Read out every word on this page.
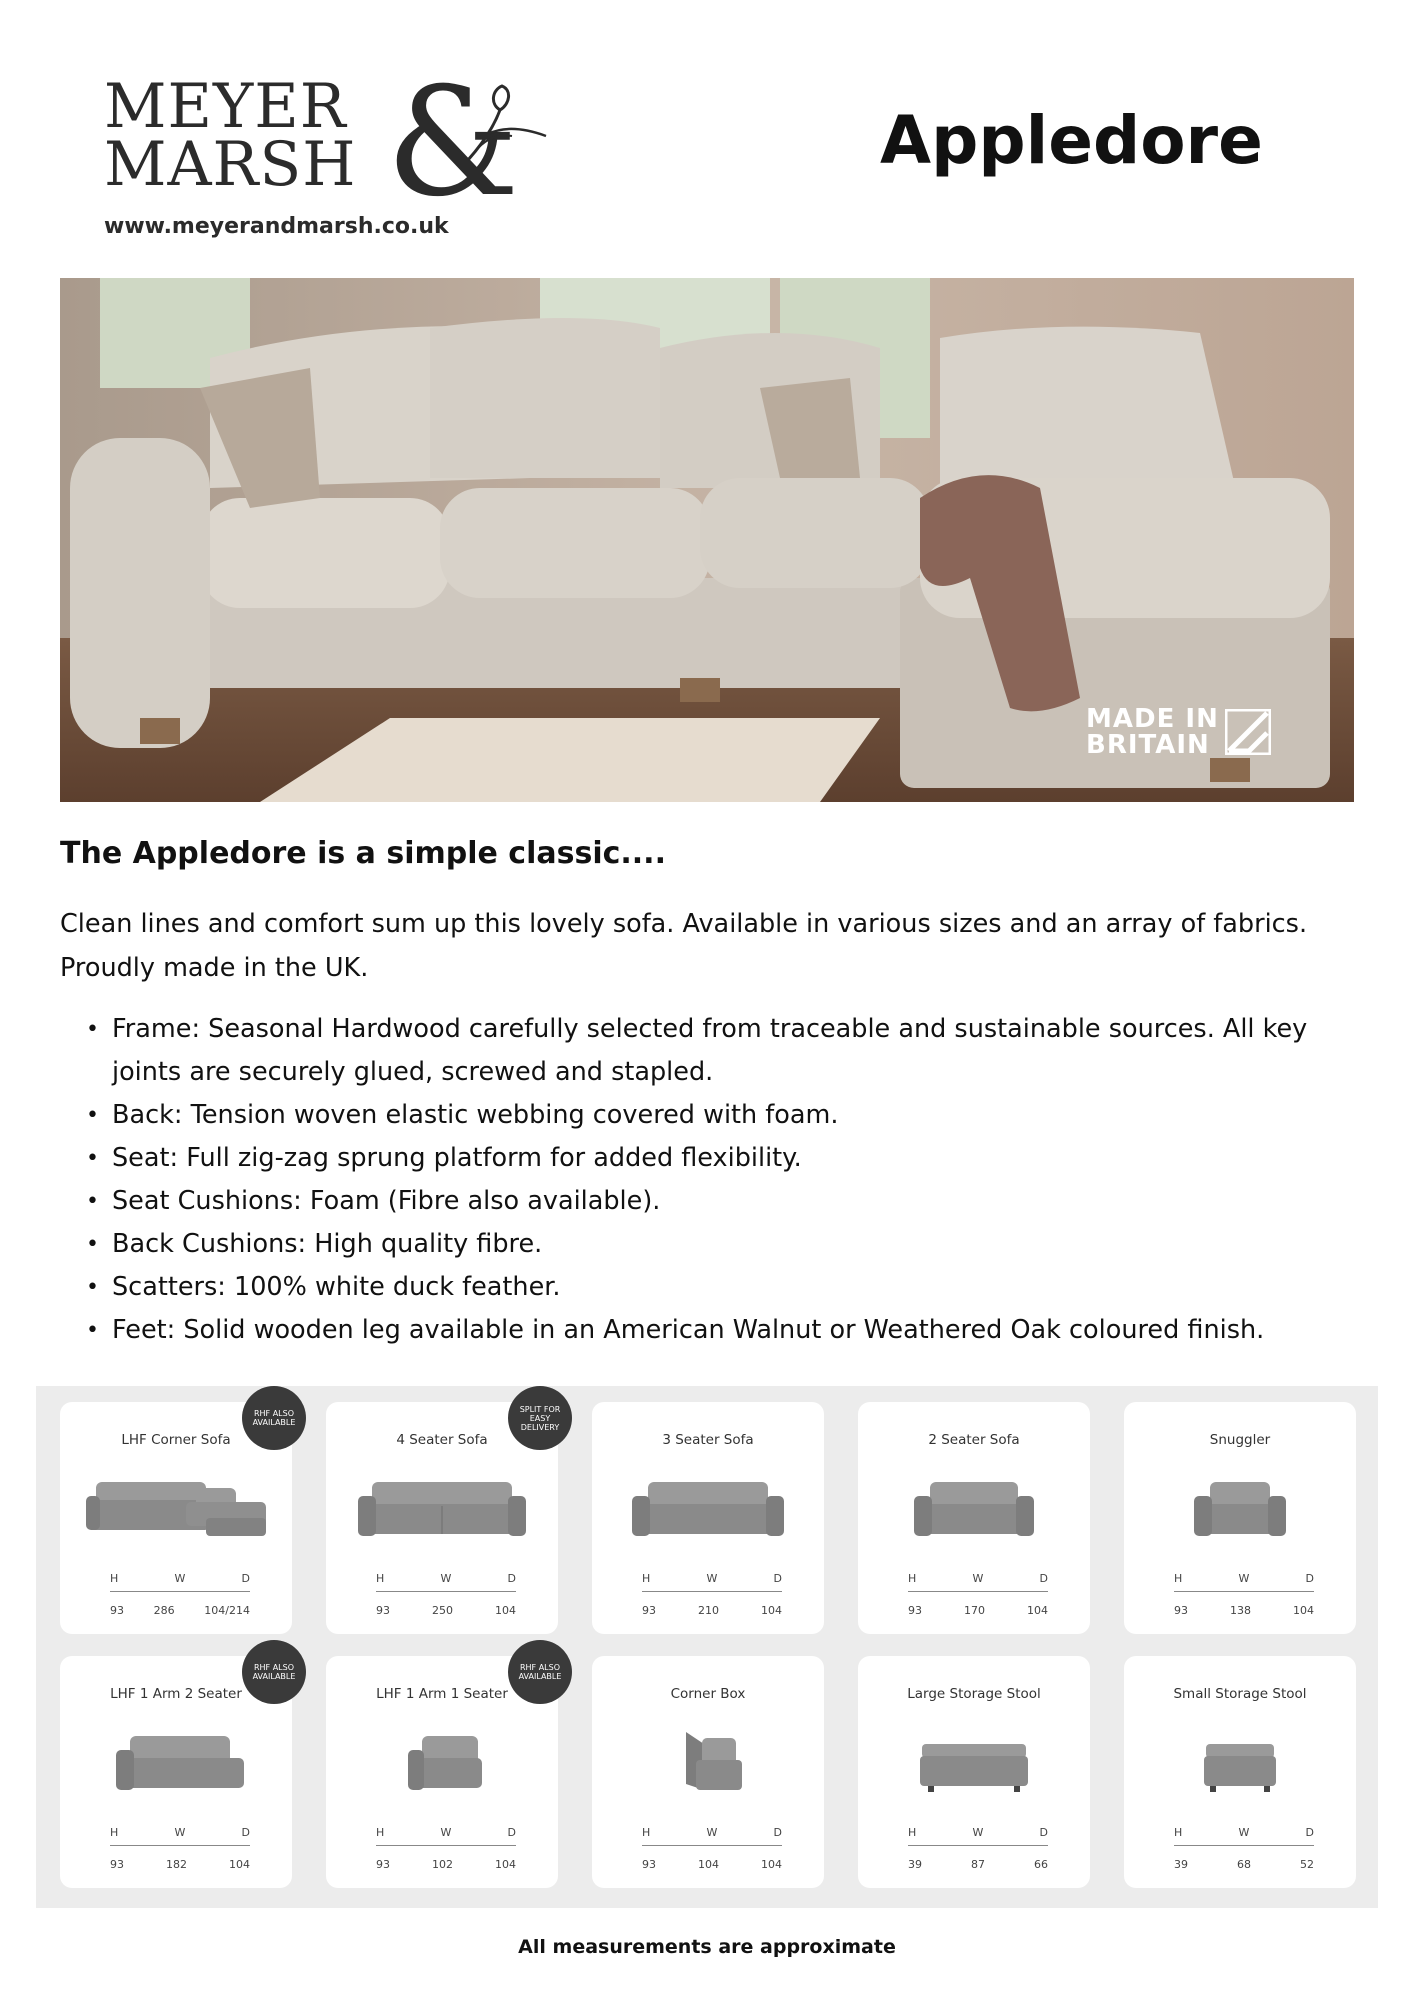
MEYER
MARSH &
www.meyerandmarsh.co.uk
Appledore
MADE IN
BRITAIN
The Appledore is a simple classic....
Clean lines and comfort sum up this lovely sofa. Available in various sizes and an array of fabrics. Proudly made in the UK.
• Frame: Seasonal Hardwood carefully selected from traceable and sustainable sources. All key joints are securely glued, screwed and stapled.
• Back: Tension woven elastic webbing covered with foam.
• Seat: Full zig-zag sprung platform for added flexibility.
• Seat Cushions: Foam (Fibre also available).
• Back Cushions: High quality fibre.
• Scatters: 100% white duck feather.
• Feet: Solid wooden leg available in an American Walnut or Weathered Oak coloured finish.
LHF Corner Sofa
H	W	D
93	286	104/214
RHF ALSO
AVAILABLE
4 Seater Sofa
H	W	D
93	250	104
SPLIT FOR
EASY
DELIVERY
3 Seater Sofa
H	W	D
93	210	104
2 Seater Sofa
H	W	D
93	170	104
Snuggler
H	W	D
93	138	104
LHF 1 Arm 2 Seater
H	W	D
93	182	104
RHF ALSO
AVAILABLE
LHF 1 Arm 1 Seater
H	W	D
93	102	104
RHF ALSO
AVAILABLE
Corner Box
H	W	D
93	104	104
Large Storage Stool
H	W	D
39	87	66
Small Storage Stool
H	W	D
39	68	52
All measurements are approximate
